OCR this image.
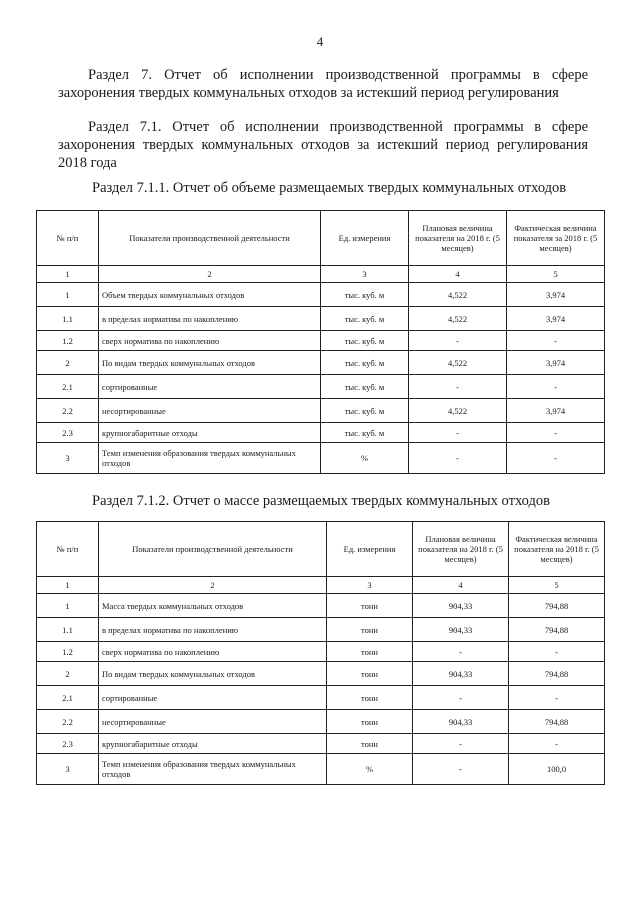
4
Раздел 7. Отчет об исполнении производственной программы в сфере захоронения твердых коммунальных отходов за истекший период регулирования
Раздел 7.1. Отчет об исполнении производственной программы в сфере захоронения твердых коммунальных отходов за истекший период регулирования 2018 года
Раздел 7.1.1. Отчет об объеме размещаемых твердых коммунальных отходов
№ п/п	Показатели производственной деятельности	Ед. измерения	Плановая величина показателя на 2018 г. (5 месяцев)	Фактическая величина показателя за 2018 г. (5 месяцев)
1	2	3	4	5
1	Объем твердых коммунальных отходов	тыс. куб. м	4,522	3,974
1.1	в пределах норматива по накоплению	тыс. куб. м	4,522	3,974
1.2	сверх норматива по накоплению	тыс. куб. м	-	-
2	По видам твердых коммунальных отходов	тыс. куб. м	4,522	3,974
2.1	сортированные	тыс. куб. м	-	-
2.2	несортированные	тыс. куб. м	4,522	3,974
2.3	крупногабаритные отходы	тыс. куб. м	-	-
3	Темп изменения образования твердых коммунальных отходов	%	-	-
Раздел 7.1.2. Отчет о массе размещаемых твердых коммунальных отходов
№ п/п	Показатели производственной деятельности	Ед. измерения	Плановая величина показателя на 2018 г. (5 месяцев)	Фактическая величина показателя на 2018 г. (5 месяцев)
1	2	3	4	5
1	Масса твердых коммунальных отходов	тонн	904,33	794,88
1.1	в пределах норматива по накоплению	тонн	904,33	794,88
1.2	сверх норматива по накоплению	тонн	-	-
2	По видам твердых коммунальных отходов	тонн	904,33	794,88
2.1	сортированные	тонн	-	-
2.2	несортированные	тонн	904,33	794,88
2.3	крупногабаритные отходы	тонн	-	-
3	Темп изменения образования твердых коммунальных отходов	%	-	100,0
